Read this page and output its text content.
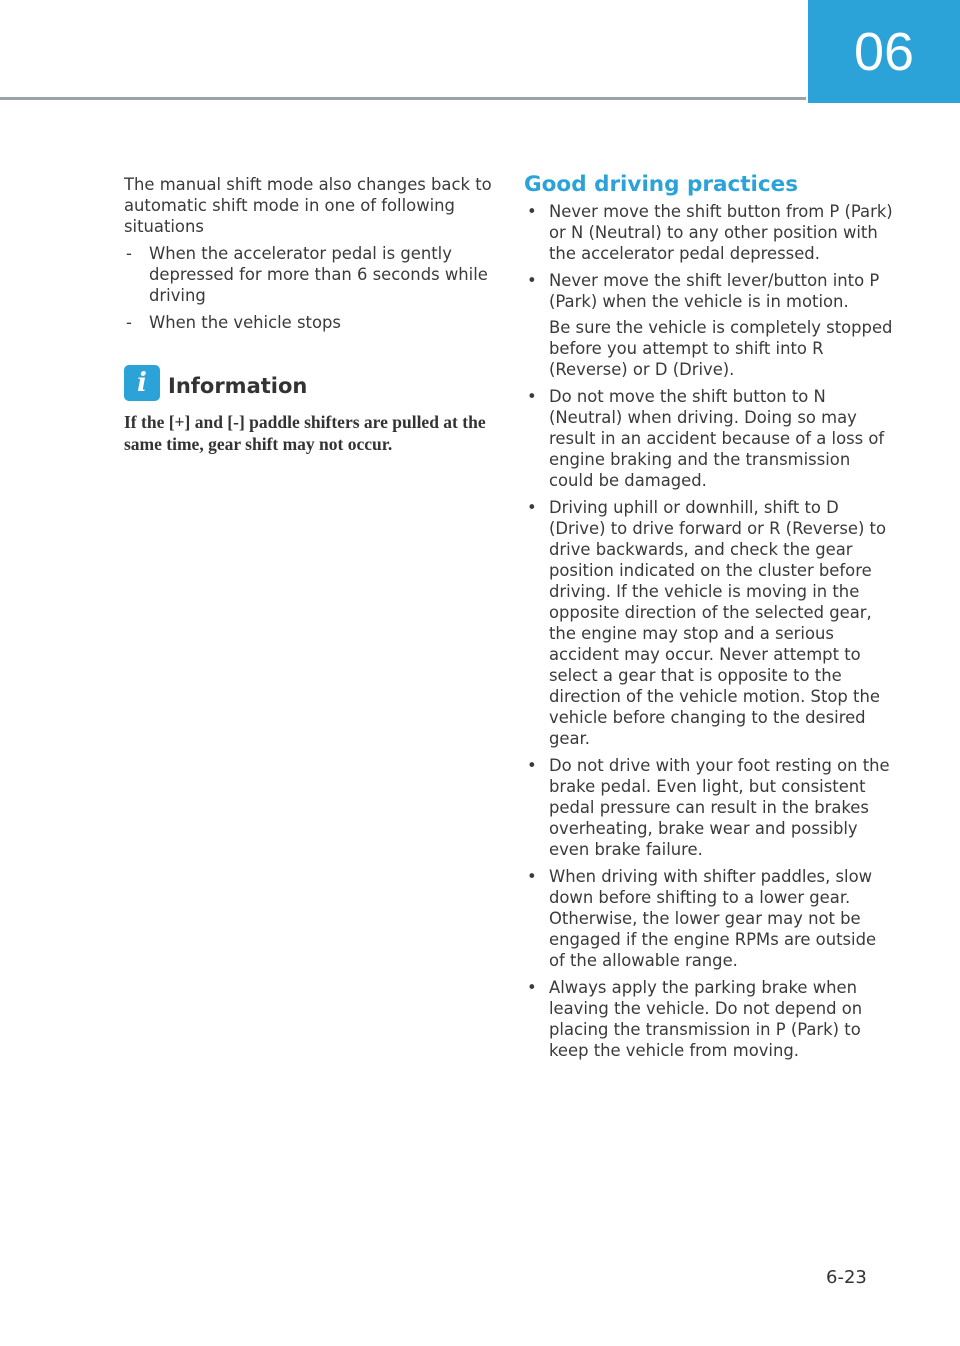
06

The manual shift mode also changes back to automatic shift mode in one of following situations

- When the accelerator pedal is gently depressed for more than 6 seconds while driving
- When the vehicle stops
i Information
If the [+] and [-] paddle shifters are pulled at the same time, gear shift may not occur.
Good driving practices
• Never move the shift button from P (Park) or N (Neutral) to any other position with the accelerator pedal depressed.
• Never move the shift lever/button into P (Park) when the vehicle is in motion.
Be sure the vehicle is completely stopped before you attempt to shift into R (Reverse) or D (Drive).
• Do not move the shift button to N (Neutral) when driving. Doing so may result in an accident because of a loss of engine braking and the transmission could be damaged.
• Driving uphill or downhill, shift to D (Drive) to drive forward or R (Reverse) to drive backwards, and check the gear position indicated on the cluster before driving. If the vehicle is moving in the opposite direction of the selected gear, the engine may stop and a serious accident may occur. Never attempt to select a gear that is opposite to the direction of the vehicle motion. Stop the vehicle before changing to the desired gear.
• Do not drive with your foot resting on the brake pedal. Even light, but consistent pedal pressure can result in the brakes overheating, brake wear and possibly even brake failure.
• When driving with shifter paddles, slow down before shifting to a lower gear. Otherwise, the lower gear may not be engaged if the engine RPMs are outside of the allowable range.
• Always apply the parking brake when leaving the vehicle. Do not depend on placing the transmission in P (Park) to keep the vehicle from moving.
6-23
